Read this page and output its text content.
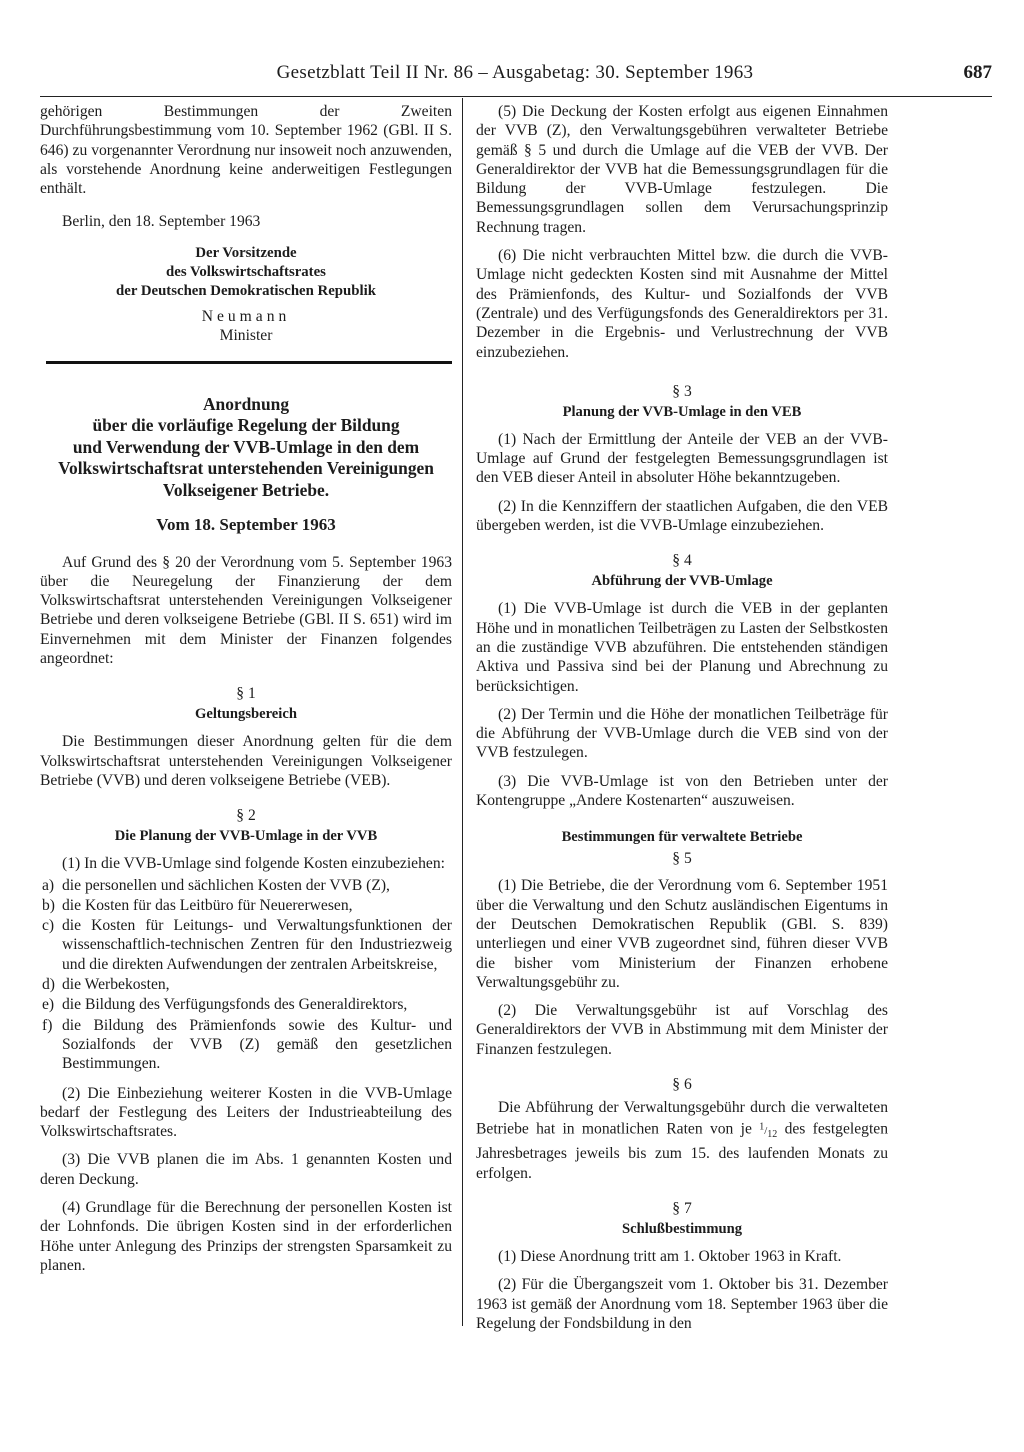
Gesetzblatt Teil II Nr. 86 – Ausgabetag: 30. September 1963	687

gehörigen Bestimmungen der Zweiten Durchführungsbestimmung vom 10. September 1962 (GBl. II S. 646) zu vorgenannter Verordnung nur insoweit noch anzuwenden, als vorstehende Anordnung keine anderweitigen Festlegungen enthält.

Berlin, den 18. September 1963

Der Vorsitzende
des Volkswirtschaftsrates
der Deutschen Demokratischen Republik

Neumann

Minister

Anordnung
über die vorläufige Regelung der Bildung
und Verwendung der VVB-Umlage in den dem
Volkswirtschaftsrat unterstehenden Vereinigungen
Volkseigener Betriebe.
Vom 18. September 1963

Auf Grund des § 20 der Verordnung vom 5. September 1963 über die Neuregelung der Finanzierung der dem Volkswirtschaftsrat unterstehenden Vereinigungen Volkseigener Betriebe und deren volkseigene Betriebe (GBl. II S. 651) wird im Einvernehmen mit dem Minister der Finanzen folgendes angeordnet:

§ 1
Geltungsbereich

Die Bestimmungen dieser Anordnung gelten für die dem Volkswirtschaftsrat unterstehenden Vereinigungen Volkseigener Betriebe (VVB) und deren volkseigene Betriebe (VEB).

§ 2
Die Planung der VVB-Umlage in der VVB

(1) In die VVB-Umlage sind folgende Kosten einzubeziehen:

a) die personellen und sächlichen Kosten der VVB (Z),
b) die Kosten für das Leitbüro für Neuererwesen,
c) die Kosten für Leitungs- und Verwaltungsfunktionen der wissenschaftlich-technischen Zentren für den Industriezweig und die direkten Aufwendungen der zentralen Arbeitskreise,
d) die Werbekosten,
e) die Bildung des Verfügungsfonds des Generaldirektors,
f) die Bildung des Prämienfonds sowie des Kultur- und Sozialfonds der VVB (Z) gemäß den gesetzlichen Bestimmungen.

(2) Die Einbeziehung weiterer Kosten in die VVB-Umlage bedarf der Festlegung des Leiters der Industrieabteilung des Volkswirtschaftsrates.

(3) Die VVB planen die im Abs. 1 genannten Kosten und deren Deckung.

(4) Grundlage für die Berechnung der personellen Kosten ist der Lohnfonds. Die übrigen Kosten sind in der erforderlichen Höhe unter Anlegung des Prinzips der strengsten Sparsamkeit zu planen.

(5) Die Deckung der Kosten erfolgt aus eigenen Einnahmen der VVB (Z), den Verwaltungsgebühren verwalteter Betriebe gemäß § 5 und durch die Umlage auf die VEB der VVB. Der Generaldirektor der VVB hat die Bemessungsgrundlagen für die Bildung der VVB-Umlage festzulegen. Die Bemessungsgrundlagen sollen dem Verursachungsprinzip Rechnung tragen.

(6) Die nicht verbrauchten Mittel bzw. die durch die VVB-Umlage nicht gedeckten Kosten sind mit Ausnahme der Mittel des Prämienfonds, des Kultur- und Sozialfonds der VVB (Zentrale) und des Verfügungsfonds des Generaldirektors per 31. Dezember in die Ergebnis- und Verlustrechnung der VVB einzubeziehen.

§ 3
Planung der VVB-Umlage in den VEB

(1) Nach der Ermittlung der Anteile der VEB an der VVB-Umlage auf Grund der festgelegten Bemessungsgrundlagen ist den VEB dieser Anteil in absoluter Höhe bekanntzugeben.

(2) In die Kennziffern der staatlichen Aufgaben, die den VEB übergeben werden, ist die VVB-Umlage einzubeziehen.

§ 4
Abführung der VVB-Umlage

(1) Die VVB-Umlage ist durch die VEB in der geplanten Höhe und in monatlichen Teilbeträgen zu Lasten der Selbstkosten an die zuständige VVB abzuführen. Die entstehenden ständigen Aktiva und Passiva sind bei der Planung und Abrechnung zu berücksichtigen.

(2) Der Termin und die Höhe der monatlichen Teilbeträge für die Abführung der VVB-Umlage durch die VEB sind von der VVB festzulegen.

(3) Die VVB-Umlage ist von den Betrieben unter der Kontengruppe „Andere Kostenarten“ auszuweisen.

Bestimmungen für verwaltete Betriebe
§ 5

(1) Die Betriebe, die der Verordnung vom 6. September 1951 über die Verwaltung und den Schutz ausländischen Eigentums in der Deutschen Demokratischen Republik (GBl. S. 839) unterliegen und einer VVB zugeordnet sind, führen dieser VVB die bisher vom Ministerium der Finanzen erhobene Verwaltungsgebühr zu.

(2) Die Verwaltungsgebühr ist auf Vorschlag des Generaldirektors der VVB in Abstimmung mit dem Minister der Finanzen festzulegen.

§ 6

Die Abführung der Verwaltungsgebühr durch die verwalteten Betriebe hat in monatlichen Raten von je 1/12 des festgelegten Jahresbetrages jeweils bis zum 15. des laufenden Monats zu erfolgen.

§ 7
Schlußbestimmung

(1) Diese Anordnung tritt am 1. Oktober 1963 in Kraft.

(2) Für die Übergangszeit vom 1. Oktober bis 31. Dezember 1963 ist gemäß der Anordnung vom 18. September 1963 über die Regelung der Fondsbildung in den
